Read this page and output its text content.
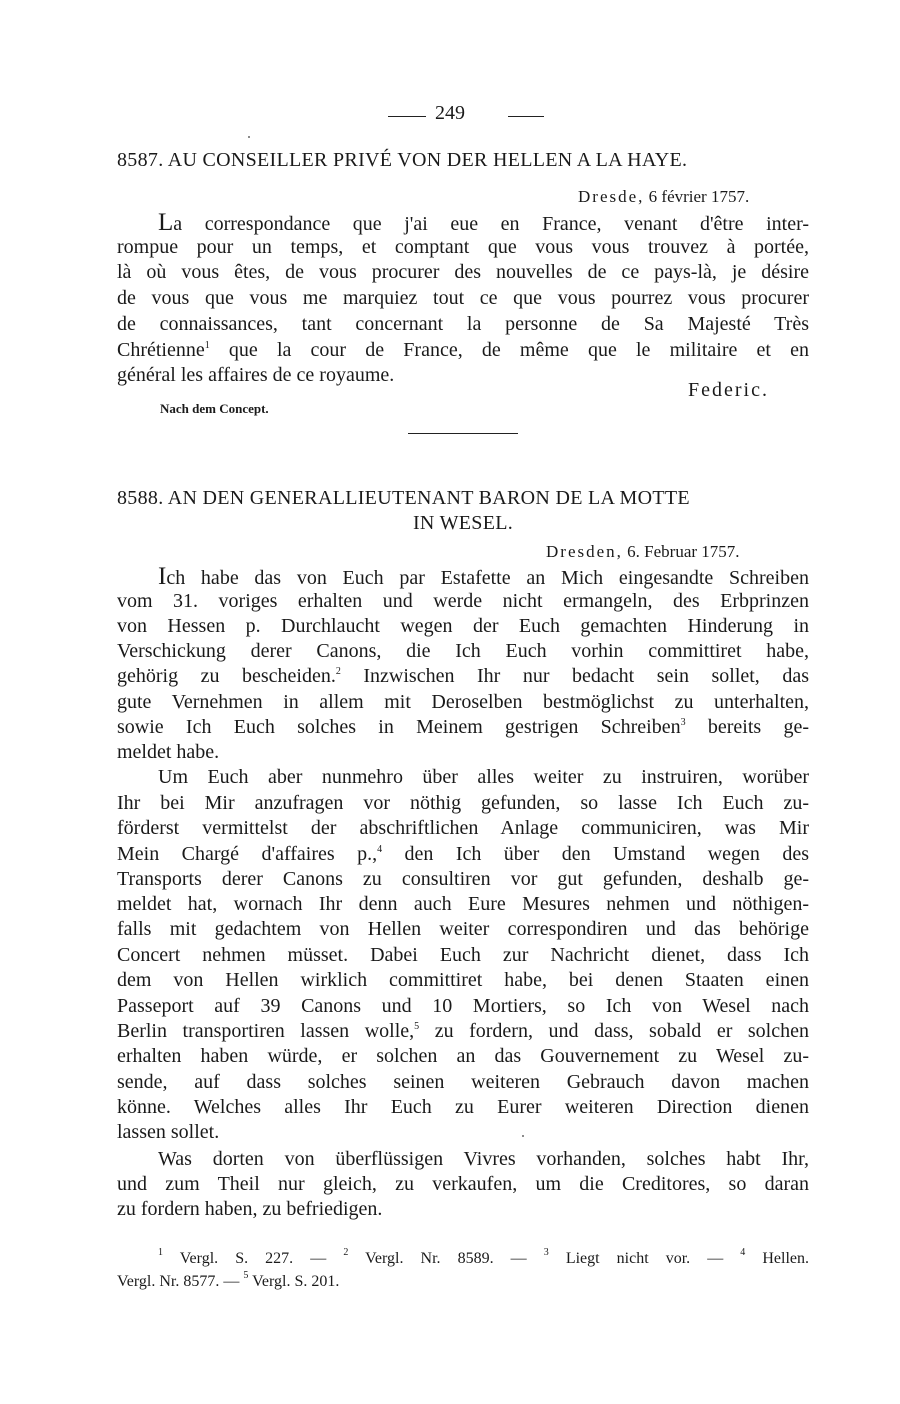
249
8587. AU CONSEILLER PRIVÉ VON DER HELLEN A LA HAYE.
Dresde, 6 février 1757.
La correspondance que j'ai eue en France, venant d'être inter-
rompue pour un temps, et comptant que vous vous trouvez à portée,
là où vous êtes, de vous procurer des nouvelles de ce pays-là, je désire
de vous que vous me marquiez tout ce que vous pourrez vous procurer
de connaissances, tant concernant la personne de Sa Majesté Très
Chrétienne$^1$ que la cour de France, de même que le militaire et en
général les affaires de ce royaume.
Federic.
Nach dem Concept.
8588. AN DEN GENERALLIEUTENANT BARON DE LA MOTTE
IN WESEL.
Dresden, 6. Februar 1757.
Ich habe das von Euch par Estafette an Mich eingesandte Schreiben
vom 31. voriges erhalten und werde nicht ermangeln, des Erbprinzen
von Hessen p. Durchlaucht wegen der Euch gemachten Hinderung in
Verschickung derer Canons, die Ich Euch vorhin committiret habe,
gehörig zu bescheiden.$^2$ Inzwischen Ihr nur bedacht sein sollet, das
gute Vernehmen in allem mit Deroselben bestmöglichst zu unterhalten,
sowie Ich Euch solches in Meinem gestrigen Schreiben$^3$ bereits ge-
meldet habe.
Um Euch aber nunmehro über alles weiter zu instruiren, worüber
Ihr bei Mir anzufragen vor nöthig gefunden, so lasse Ich Euch zu-
förderst vermittelst der abschriftlichen Anlage communiciren, was Mir
Mein Chargé d'affaires p.,$^4$ den Ich über den Umstand wegen des
Transports derer Canons zu consultiren vor gut gefunden, deshalb ge-
meldet hat, wornach Ihr denn auch Eure Mesures nehmen und nöthigen-
falls mit gedachtem von Hellen weiter correspondiren und das behörige
Concert nehmen müsset. Dabei Euch zur Nachricht dienet, dass Ich
dem von Hellen wirklich committiret habe, bei denen Staaten einen
Passeport auf 39 Canons und 10 Mortiers, so Ich von Wesel nach
Berlin transportiren lassen wolle,$^5$ zu fordern, und dass, sobald er solchen
erhalten haben würde, er solchen an das Gouvernement zu Wesel zu-
sende, auf dass solches seinen weiteren Gebrauch davon machen
könne. Welches alles Ihr Euch zu Eurer weiteren Direction dienen
lassen sollet.
Was dorten von überflüssigen Vivres vorhanden, solches habt Ihr,
und zum Theil nur gleich, zu verkaufen, um die Creditores, so daran
zu fordern haben, zu befriedigen.
$^1$ Vergl. S. 227. — $^2$ Vergl. Nr. 8589. — $^3$ Liegt nicht vor. — $^4$ Hellen.
Vergl. Nr. 8577. — $^5$ Vergl. S. 201.
